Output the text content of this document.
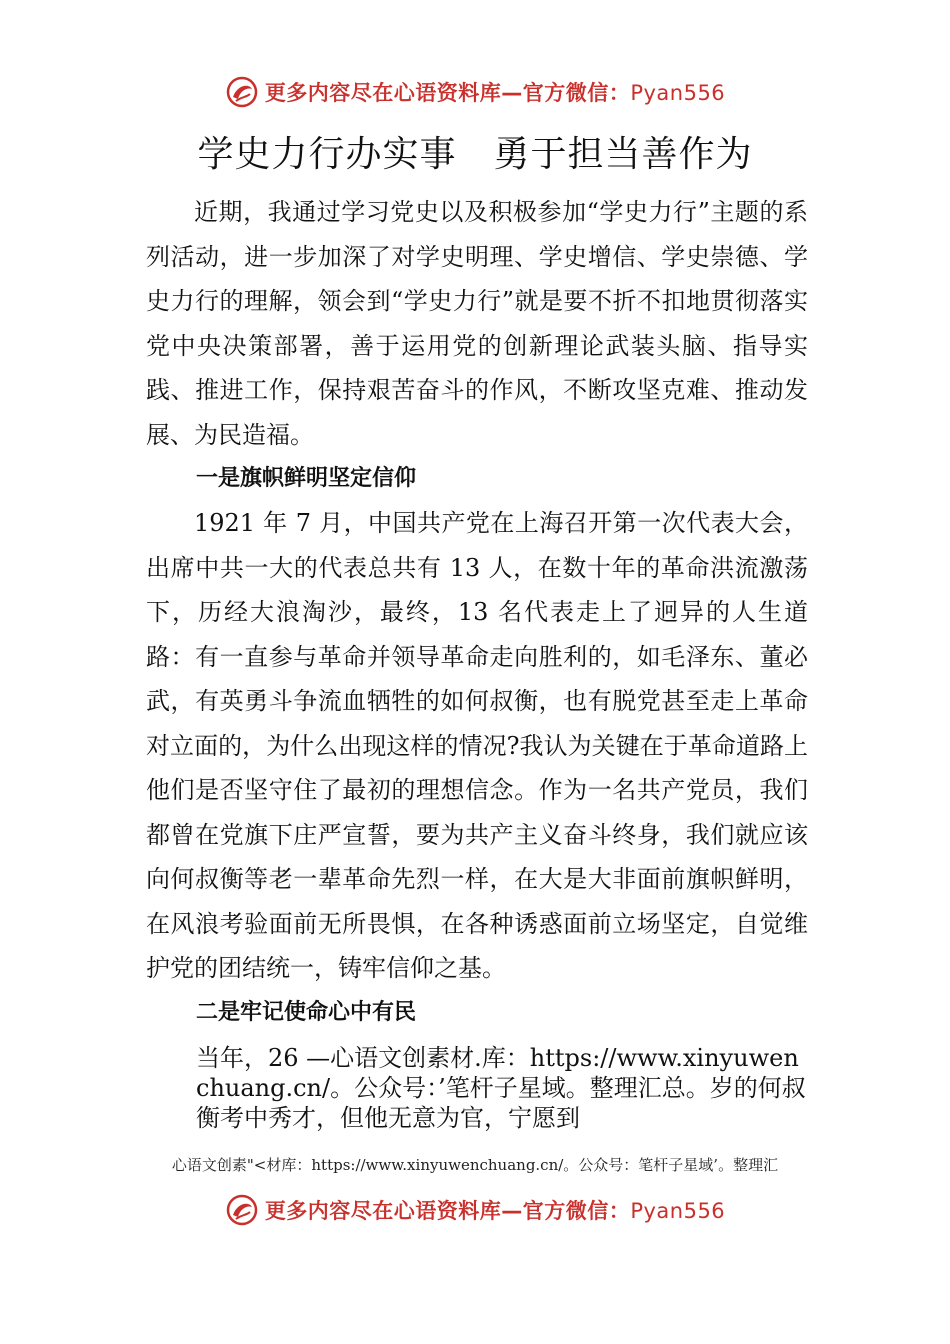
更多内容尽在心语资料库—官方微信：Pyan556
学史力行办实事　勇于担当善作为

近期，我通过学习党史以及积极参加“学史力行”主题的系列活动，进一步加深了对学史明理、学史增信、学史崇德、学史力行的理解，领会到“学史力行”就是要不折不扣地贯彻落实党中央决策部署，善于运用党的创新理论武装头脑、指导实践、推进工作，保持艰苦奋斗的作风，不断攻坚克难、推动发展、为民造福。

一是旗帜鲜明坚定信仰

1921 年 7 月，中国共产党在上海召开第一次代表大会，出席中共一大的代表总共有 13 人，在数十年的革命洪流激荡下，历经大浪淘沙，最终，13 名代表走上了迥异的人生道路：有一直参与革命并领导革命走向胜利的，如毛泽东、董必武，有英勇斗争流血牺牲的如何叔衡，也有脱党甚至走上革命对立面的，为什么出现这样的情况?我认为关键在于革命道路上他们是否坚守住了最初的理想信念。作为一名共产党员，我们都曾在党旗下庄严宣誓，要为共产主义奋斗终身，我们就应该向何叔衡等老一辈革命先烈一样，在大是大非面前旗帜鲜明，在风浪考验面前无所畏惧，在各种诱惑面前立场坚定，自觉维护党的团结统一，铸牢信仰之基。

二是牢记使命心中有民

当年，26 —心语文创素材.库：https://www.xinyuwenchuang.cn/。公众号：’笔杆子星域。整理汇总。岁的何叔衡考中秀才，但他无意为官，宁愿到

心语文创素"<材库：https://www.xinyuwenchuang.cn/。公众号：笔杆子星域’。整理汇
更多内容尽在心语资料库—官方微信：Pyan556
